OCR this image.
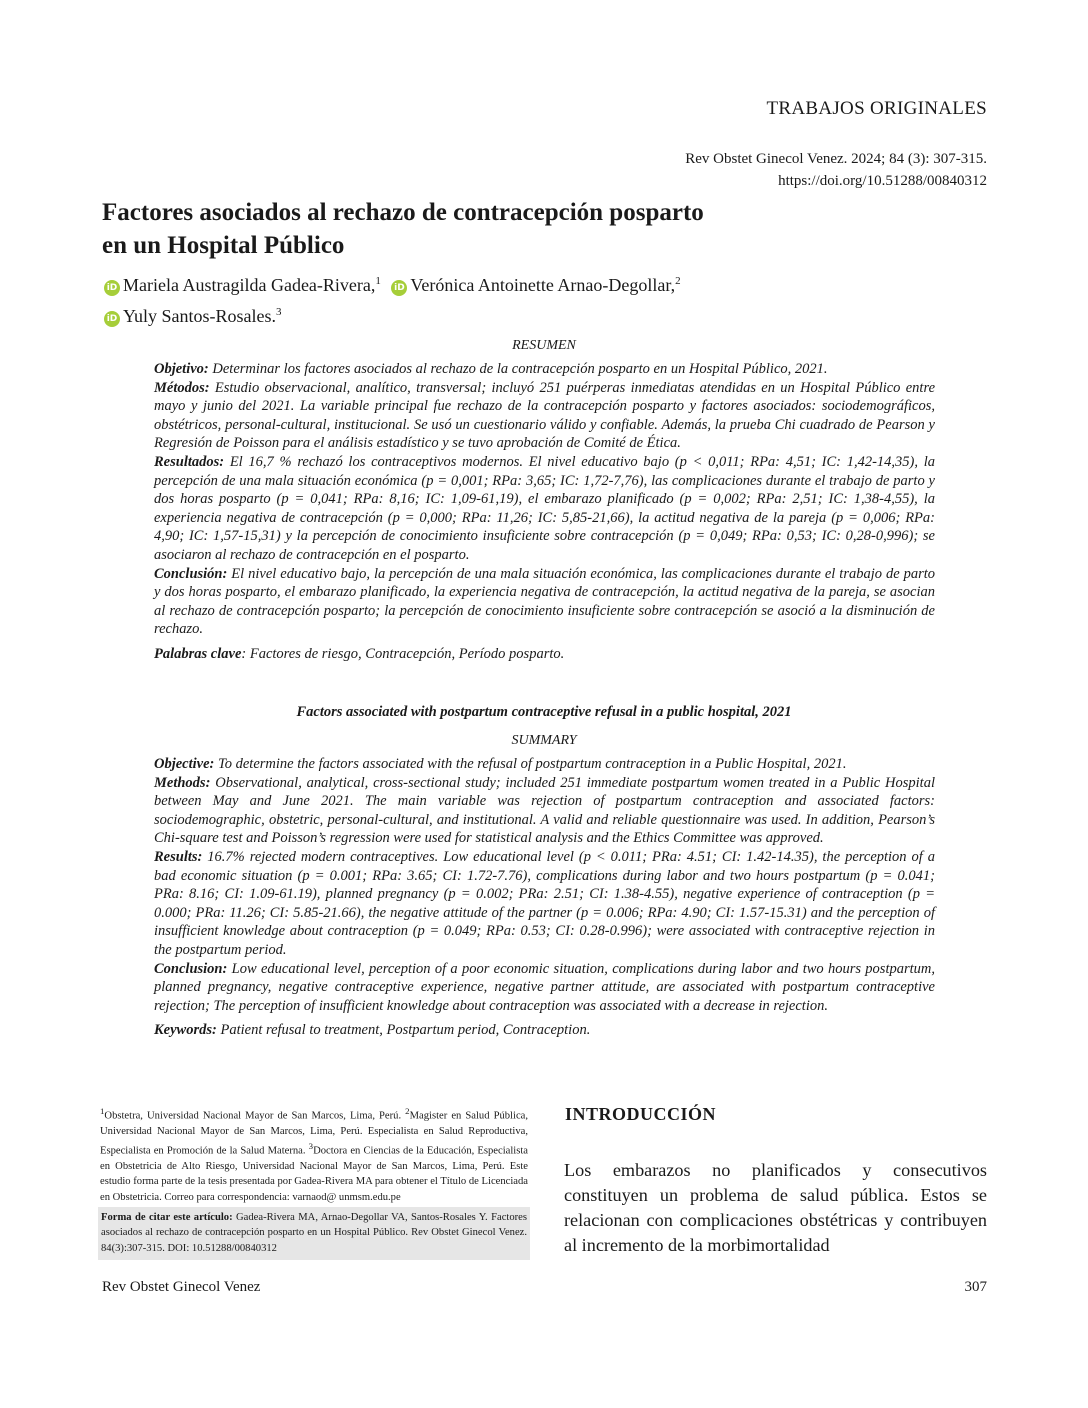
TRABAJOS ORIGINALES
Rev Obstet Ginecol Venez. 2024; 84 (3): 307-315.
https://doi.org/10.51288/00840312
Factores asociados al rechazo de contracepción posparto
en un Hospital Público
iD Mariela Austragilda Gadea-Rivera,$^1$ iD Verónica Antoinette Arnao-Degollar,$^2$
iD Yuly Santos-Rosales.$^3$
RESUMEN

Objetivo: Determinar los factores asociados al rechazo de la contracepción posparto en un Hospital Público, 2021.

Métodos: Estudio observacional, analítico, transversal; incluyó 251 puérperas inmediatas atendidas en un Hospital Público entre mayo y junio del 2021. La variable principal fue rechazo de la contracepción posparto y factores asociados: sociodemográficos, obstétricos, personal-cultural, institucional. Se usó un cuestionario válido y confiable. Además, la prueba Chi cuadrado de Pearson y Regresión de Poisson para el análisis estadístico y se tuvo aprobación de Comité de Ética.

Resultados: El 16,7 % rechazó los contraceptivos modernos. El nivel educativo bajo (p < 0,011; RPa: 4,51; IC: 1,42-14,35), la percepción de una mala situación económica (p = 0,001; RPa: 3,65; IC: 1,72-7,76), las complicaciones durante el trabajo de parto y dos horas posparto (p = 0,041; RPa: 8,16; IC: 1,09-61,19), el embarazo planificado (p = 0,002; RPa: 2,51; IC: 1,38-4,55), la experiencia negativa de contracepción (p = 0,000; RPa: 11,26; IC: 5,85-21,66), la actitud negativa de la pareja (p = 0,006; RPa: 4,90; IC: 1,57-15,31) y la percepción de conocimiento insuficiente sobre contracepción (p = 0,049; RPa: 0,53; IC: 0,28-0,996); se asociaron al rechazo de contracepción en el posparto.

Conclusión: El nivel educativo bajo, la percepción de una mala situación económica, las complicaciones durante el trabajo de parto y dos horas posparto, el embarazo planificado, la experiencia negativa de contracepción, la actitud negativa de la pareja, se asocian al rechazo de contracepción posparto; la percepción de conocimiento insuficiente sobre contracepción se asoció a la disminución de rechazo.

Palabras clave: Factores de riesgo, Contracepción, Período posparto.

Factors associated with postpartum contraceptive refusal in a public hospital, 2021
SUMMARY

Objective: To determine the factors associated with the refusal of postpartum contraception in a Public Hospital, 2021.

Methods: Observational, analytical, cross-sectional study; included 251 immediate postpartum women treated in a Public Hospital between May and June 2021. The main variable was rejection of postpartum contraception and associated factors: sociodemographic, obstetric, personal-cultural, and institutional. A valid and reliable questionnaire was used. In addition, Pearson’s Chi-square test and Poisson’s regression were used for statistical analysis and the Ethics Committee was approved.

Results: 16.7% rejected modern contraceptives. Low educational level (p < 0.011; PRa: 4.51; CI: 1.42-14.35), the perception of a bad economic situation (p = 0.001; RPa: 3.65; CI: 1.72-7.76), complications during labor and two hours postpartum (p = 0.041; PRa: 8.16; CI: 1.09-61.19), planned pregnancy (p = 0.002; PRa: 2.51; CI: 1.38-4.55), negative experience of contraception (p = 0.000; PRa: 11.26; CI: 5.85-21.66), the negative attitude of the partner (p = 0.006; RPa: 4.90; CI: 1.57-15.31) and the perception of insufficient knowledge about contraception (p = 0.049; RPa: 0.53; CI: 0.28-0.996); were associated with contraceptive rejection in the postpartum period.

Conclusion: Low educational level, perception of a poor economic situation, complications during labor and two hours postpartum, planned pregnancy, negative contraceptive experience, negative partner attitude, are associated with postpartum contraceptive rejection; The perception of insufficient knowledge about contraception was associated with a decrease in rejection.

Keywords: Patient refusal to treatment, Postpartum period, Contraception.

$^1$Obstetra, Universidad Nacional Mayor de San Marcos, Lima, Perú. $^2$Magister en Salud Pública, Universidad Nacional Mayor de San Marcos, Lima, Perú. Especialista en Salud Reproductiva, Especialista en Promoción de la Salud Materna. $^3$Doctora en Ciencias de la Educación, Especialista en Obstetricia de Alto Riesgo, Universidad Nacional Mayor de San Marcos, Lima, Perú. Este estudio forma parte de la tesis presentada por Gadea-Rivera MA para obtener el Título de Licenciada en Obstetricia. Correo para correspondencia: varnaod@ unmsm.edu.pe
Forma de citar este artículo: Gadea-Rivera MA, Arnao-Degollar VA, Santos-Rosales Y. Factores asociados al rechazo de contracepción posparto en un Hospital Público. Rev Obstet Ginecol Venez. 84(3):307-315. DOI: 10.51288/00840312
INTRODUCCIÓN
Los embarazos no planificados y consecutivos constituyen un problema de salud pública. Estos se relacionan con complicaciones obstétricas y contribuyen al incremento de la morbimortalidad
Rev Obstet Ginecol Venez	307
